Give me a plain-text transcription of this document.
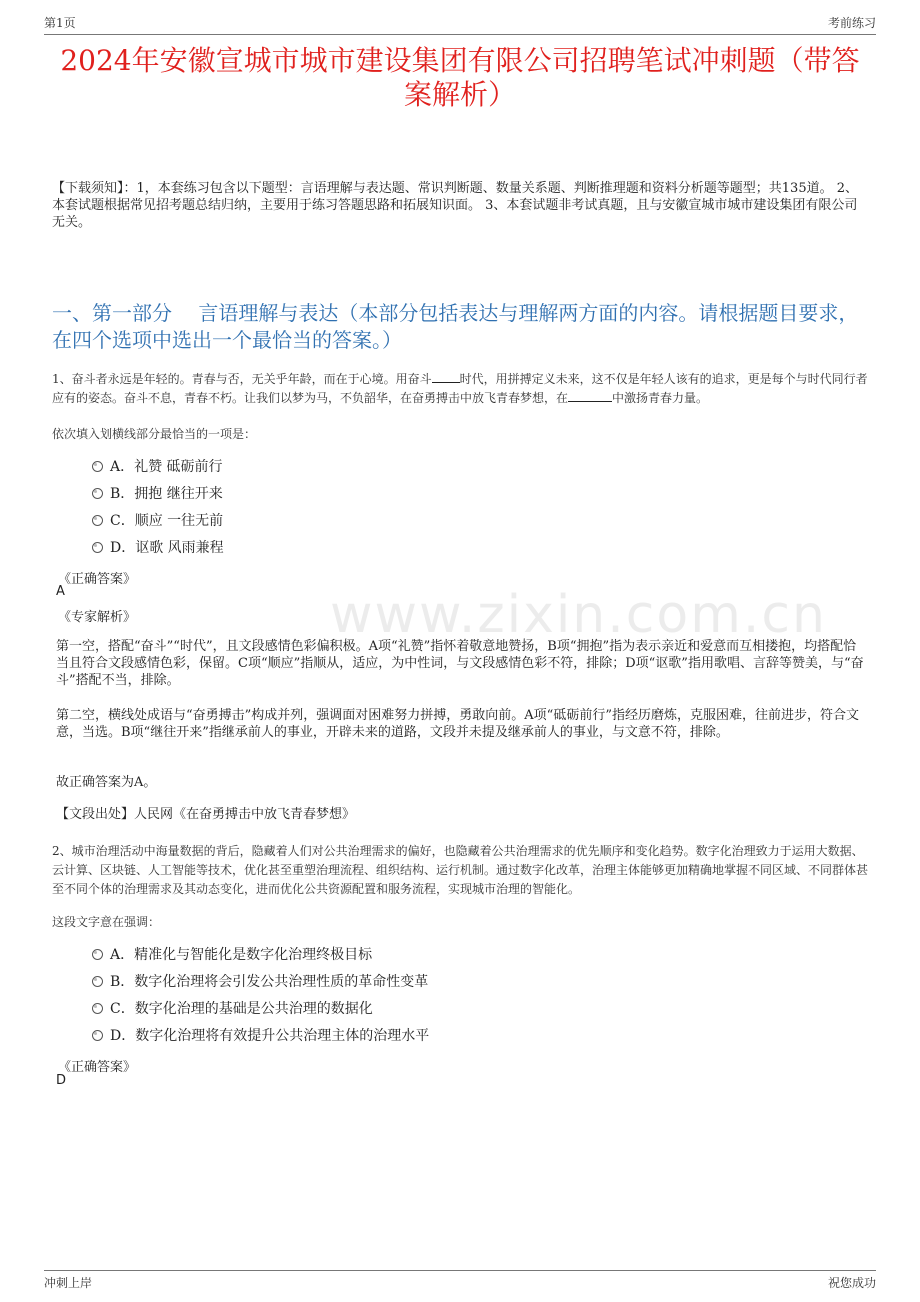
第1页	考前练习
www.zixin.com.cn
2024年安徽宣城市城市建设集团有限公司招聘笔试冲刺题（带答案解析）
【下载须知】：1，本套练习包含以下题型：言语理解与表达题、常识判断题、数量关系题、判断推理题和资料分析题等题型；共135道。 2、本套试题根据常见招考题总结归纳，主要用于练习答题思路和拓展知识面。 3、本套试题非考试真题，且与安徽宣城市城市建设集团有限公司无关。
一、第一部分　 言语理解与表达（本部分包括表达与理解两方面的内容。请根据题目要求，在四个选项中选出一个最恰当的答案。）
1、奋斗者永远是年轻的。青春与否，无关乎年龄，而在于心境。用奋斗 时代，用拼搏定义未来，这不仅是年轻人该有的追求，更是每个与时代同行者应有的姿态。奋斗不息，青春不朽。让我们以梦为马，不负韶华，在奋勇搏击中放飞青春梦想，在	中激扬青春力量。
依次填入划横线部分最恰当的一项是：
A．礼赞 砥砺前行
B．拥抱 继往开来
C．顺应 一往无前
D．讴歌 风雨兼程
《正确答案》
A
《专家解析》
第一空，搭配“奋斗”“时代”，且文段感情色彩偏积极。A项“礼赞”指怀着敬意地赞扬，B项“拥抱”指为表示亲近和爱意而互相搂抱，均搭配恰当且符合文段感情色彩，保留。C项“顺应”指顺从，适应，为中性词，与文段感情色彩不符，排除；D项“讴歌”指用歌唱、言辞等赞美，与“奋斗”搭配不当，排除。
第二空，横线处成语与“奋勇搏击”构成并列，强调面对困难努力拼搏，勇敢向前。A项“砥砺前行”指经历磨炼，克服困难，往前进步，符合文意，当选。B项“继往开来”指继承前人的事业，开辟未来的道路，文段并未提及继承前人的事业，与文意不符，排除。
故正确答案为A。
【文段出处】人民网《在奋勇搏击中放飞青春梦想》
2、城市治理活动中海量数据的背后，隐藏着人们对公共治理需求的偏好，也隐藏着公共治理需求的优先顺序和变化趋势。数字化治理致力于运用大数据、云计算、区块链、人工智能等技术，优化甚至重塑治理流程、组织结构、运行机制。通过数字化改革，治理主体能够更加精确地掌握不同区域、不同群体甚至不同个体的治理需求及其动态变化，进而优化公共资源配置和服务流程，实现城市治理的智能化。
这段文字意在强调：
A．精准化与智能化是数字化治理终极目标
B．数字化治理将会引发公共治理性质的革命性变革
C．数字化治理的基础是公共治理的数据化
D．数字化治理将有效提升公共治理主体的治理水平
《正确答案》
D
冲刺上岸	祝您成功
